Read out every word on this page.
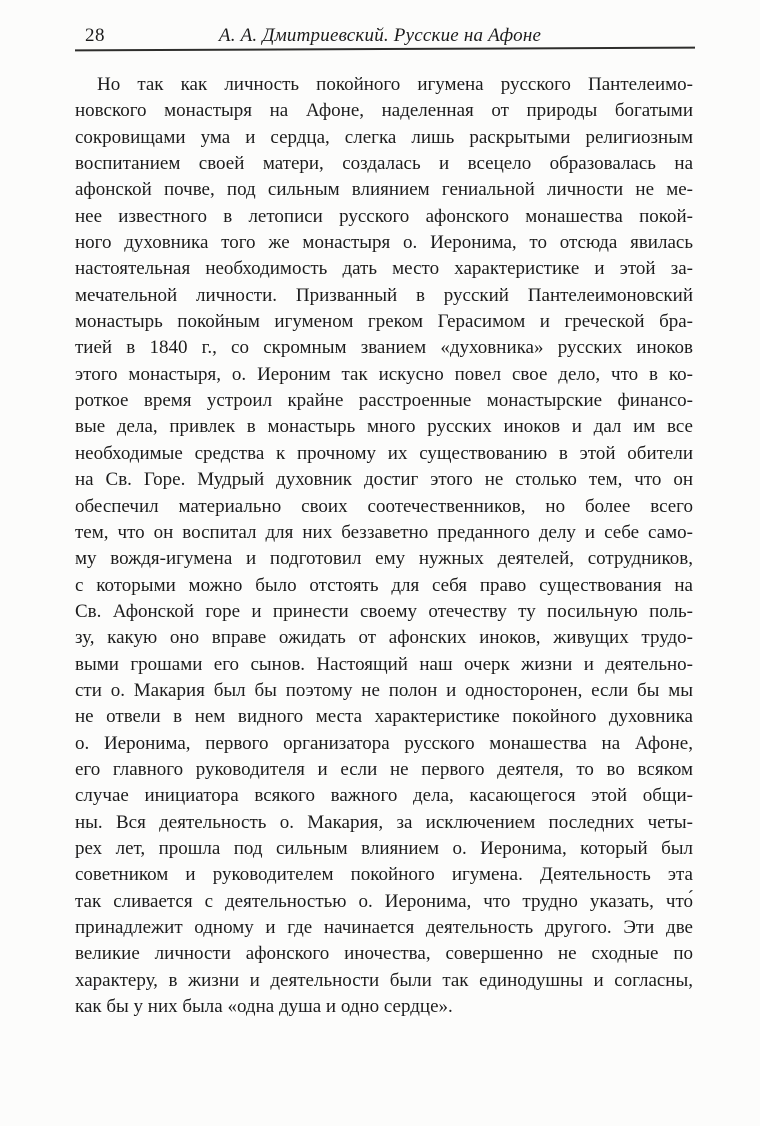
28	А. А. Дмитриевский. Русские на Афоне
Но так как личность покойного игумена русского Пантелеимо-
новского монастыря на Афоне, наделенная от природы богатыми
сокровищами ума и сердца, слегка лишь раскрытыми религиозным
воспитанием своей матери, создалась и всецело образовалась на
афонской почве, под сильным влиянием гениальной личности не ме-
нее известного в летописи русского афонского монашества покой-
ного духовника того же монастыря о. Иеронима, то отсюда явилась
настоятельная необходимость дать место характеристике и этой за-
мечательной личности. Призванный в русский Пантелеимоновский
монастырь покойным игуменом греком Герасимом и греческой бра-
тией в 1840 г., со скромным званием «духовника» русских иноков
этого монастыря, о. Иероним так искусно повел свое дело, что в ко-
роткое время устроил крайне расстроенные монастырские финансо-
вые дела, привлек в монастырь много русских иноков и дал им все
необходимые средства к прочному их существованию в этой обители
на Св. Горе. Мудрый духовник достиг этого не столько тем, что он
обеспечил материально своих соотечественников, но более всего
тем, что он воспитал для них беззаветно преданного делу и себе само-
му вождя-игумена и подготовил ему нужных деятелей, сотрудников,
с которыми можно было отстоять для себя право существования на
Св. Афонской горе и принести своему отечеству ту посильную поль-
зу, какую оно вправе ожидать от афонских иноков, живущих трудо-
выми грошами его сынов. Настоящий наш очерк жизни и деятельно-
сти о. Макария был бы поэтому не полон и односторонен, если бы мы
не отвели в нем видного места характеристике покойного духовника
о. Иеронима, первого организатора русского монашества на Афоне,
его главного руководителя и если не первого деятеля, то во всяком
случае инициатора всякого важного дела, касающегося этой общи-
ны. Вся деятельность о. Макария, за исключением последних четы-
рех лет, прошла под сильным влиянием о. Иеронима, который был
советником и руководителем покойного игумена. Деятельность эта
так сливается с деятельностью о. Иеронима, что трудно указать, что́
принадлежит одному и где начинается деятельность другого. Эти две
великие личности афонского иночества, совершенно не сходные по
характеру, в жизни и деятельности были так единодушны и согласны,
как бы у них была «одна душа и одно сердце».
